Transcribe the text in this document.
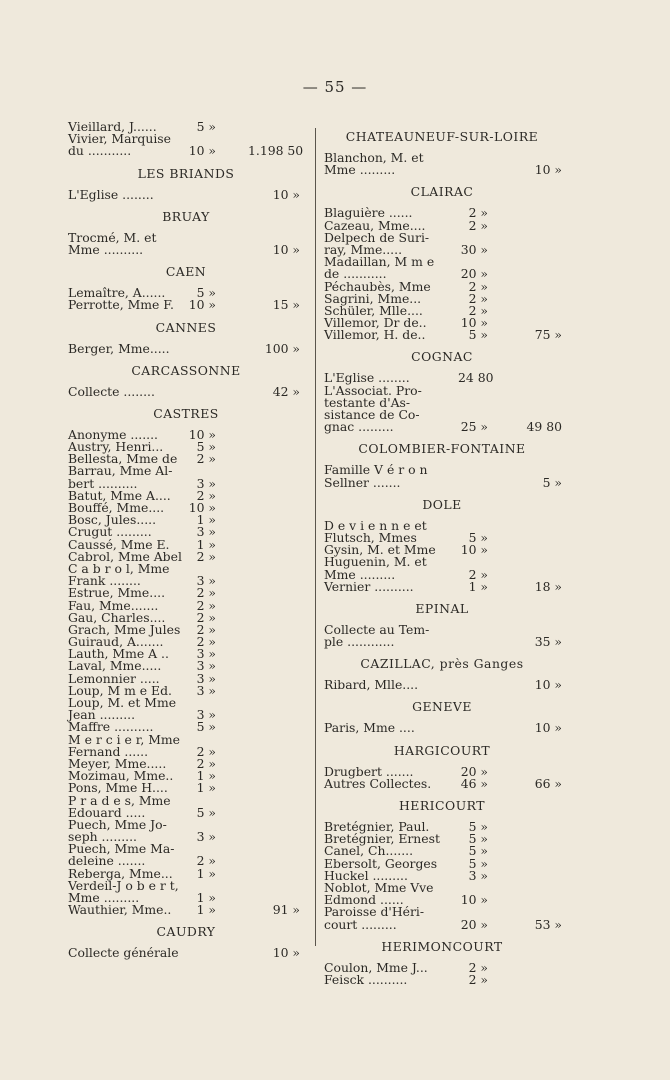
— 55 —
Vieillard, J......	5 »
Vivier, Marquise
du ...........	10 »	1.198 50
LES BRIANDS
L'Eglise ........	10 »
BRUAY
Trocmé, M. et
Mme ..........	10 »
CAEN
Lemaître, A......	5 »
Perrotte, Mme F. 10 »	15 »
CANNES
Berger, Mme.....	100 »
CARCASSONNE
Collecte ........	42 »
CASTRES
Anonyme ....... 10 »
Austry, Henri...	5 »
Bellesta, Mme de	2 »
Barrau, Mme Al-
bert ..........	3 »
Batut, Mme A....	2 »
Bouffé, Mme.... 10 »
Bosc, Jules.....	1 »
Crugut .........	3 »
Caussé, Mme E.	1 »
Cabrol, Mme Abel	2 »
C a b r o l, Mme
Frank ........	3 »
Estrue, Mme....	2 »
Fau, Mme.......	2 »
Gau, Charles....	2 »
Grach, Mme Jules	2 »
Guiraud, A.......	2 »
Lauth, Mme A ..	3 »
Laval, Mme.....	3 »
Lemonnier .....	3 »
Loup, M m e Ed.	3 »
Loup, M. et Mme
Jean .........	3 »
Maffre ..........	5 »
M e r c i e r, Mme
Fernand ......	2 »
Meyer, Mme.....	2 »
Mozimau, Mme..	1 »
Pons, Mme H....	1 »
P r a d e s, Mme
Edouard .....	5 »
Puech, Mme Jo-
seph .........	3 »
Puech, Mme Ma-
deleine .......	2 »
Reberga, Mme...	1 »
Verdeil-J o b e r t,
Mme .........	1 »
Wauthier, Mme..	1 »	91 »
CAUDRY
Collecte générale	10 »
CHATEAUNEUF-SUR-LOIRE
Blanchon, M. et
Mme .........	10 »
CLAIRAC
Blaguière ......	2 »
Cazeau, Mme....	2 »
Delpech de Suri-
ray, Mme.....	30 »
Madaillan, M m e
de ...........	20 »
Péchaubès, Mme	2 »
Sagrini, Mme...	2 »
Schüler, Mlle....	2 »
Villemor, Dr de..	10 »
Villemor, H. de..	5 »	75 »
COGNAC
L'Eglise ........	24 80
L'Associat. Pro-
testante d'As-
sistance de Co-
gnac .........	25 »	49 80
COLOMBIER-FONTAINE
Famille V é r o n
Sellner .......	5 »
DOLE
D e v i e n n e et
Flutsch, Mmes	5 »
Gysin, M. et Mme 10 »
Huguenin, M. et
Mme .........	2 »
Vernier ..........	1 »	18 »
EPINAL
Collecte au Tem-
ple ............	35 »
CAZILLAC, près Ganges
Ribard, Mlle....	10 »
GENEVE
Paris, Mme ....	10 »
HARGICOURT
Drugbert .......	20 »
Autres Collectes. 46 »	66 »
HERICOURT
Bretégnier, Paul.	5 »
Bretégnier, Ernest	5 »
Canel, Ch.......	5 »
Ebersolt, Georges	5 »
Huckel .........	3 »
Noblot, Mme Vve
Edmond ......	10 »
Paroisse d'Héri-
court .........	20 »	53 »
HERIMONCOURT
Coulon, Mme J...	2 »
Feisck ..........	2 »
